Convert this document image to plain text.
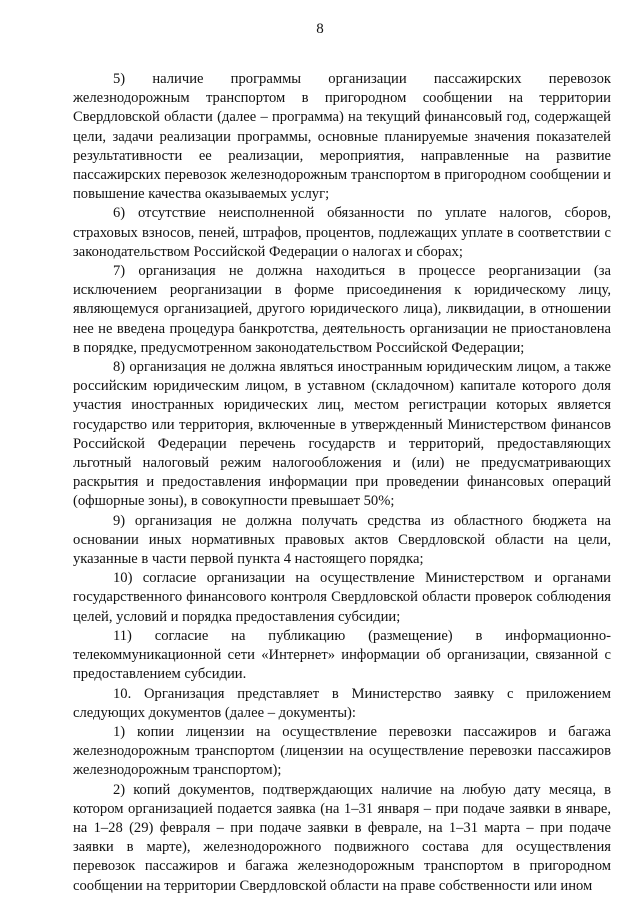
8

5) наличие программы организации пассажирских перевозок железнодорожным транспортом в пригородном сообщении на территории Свердловской области (далее – программа) на текущий финансовый год, содержащей цели, задачи реализации программы, основные планируемые значения показателей результативности ее реализации, мероприятия, направленные на развитие пассажирских перевозок железнодорожным транспортом в пригородном сообщении и повышение качества оказываемых услуг;

6) отсутствие неисполненной обязанности по уплате налогов, сборов, страховых взносов, пеней, штрафов, процентов, подлежащих уплате в соответствии с законодательством Российской Федерации о налогах и сборах;

7) организация не должна находиться в процессе реорганизации (за исключением реорганизации в форме присоединения к юридическому лицу, являющемуся организацией, другого юридического лица), ликвидации, в отношении нее не введена процедура банкротства, деятельность организации не приостановлена в порядке, предусмотренном законодательством Российской Федерации;

8) организация не должна являться иностранным юридическим лицом, а также российским юридическим лицом, в уставном (складочном) капитале которого доля участия иностранных юридических лиц, местом регистрации которых является государство или территория, включенные в утвержденный Министерством финансов Российской Федерации перечень государств и территорий, предоставляющих льготный налоговый режим налогообложения и (или) не предусматривающих раскрытия и предоставления информации при проведении финансовых операций (офшорные зоны), в совокупности превышает 50%;

9) организация не должна получать средства из областного бюджета на основании иных нормативных правовых актов Свердловской области на цели, указанные в части первой пункта 4 настоящего порядка;

10) согласие организации на осуществление Министерством и органами государственного финансового контроля Свердловской области проверок соблюдения целей, условий и порядка предоставления субсидии;

11) согласие на публикацию (размещение) в информационно-телекоммуникационной сети «Интернет» информации об организации, связанной с предоставлением субсидии.

10. Организация представляет в Министерство заявку с приложением следующих документов (далее – документы):

1) копии лицензии на осуществление перевозки пассажиров и багажа железнодорожным транспортом (лицензии на осуществление перевозки пассажиров железнодорожным транспортом);

2) копий документов, подтверждающих наличие на любую дату месяца, в котором организацией подается заявка (на 1–31 января – при подаче заявки в январе, на 1–28 (29) февраля – при подаче заявки в феврале, на 1–31 марта – при подаче заявки в марте), железнодорожного подвижного состава для осуществления перевозок пассажиров и багажа железнодорожным транспортом в пригородном сообщении на территории Свердловской области на праве собственности или ином
